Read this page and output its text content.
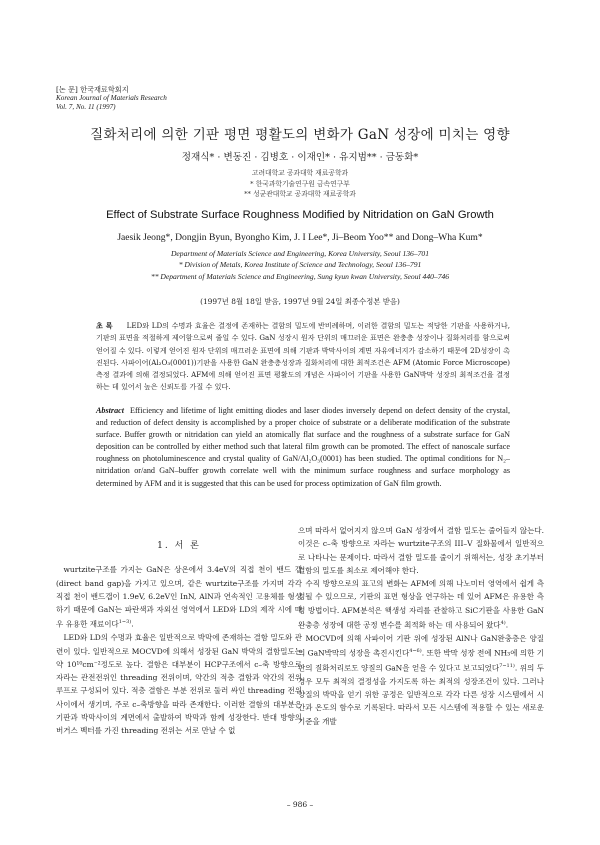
[논 문] 한국재료학회지
Korean Journal of Materials Research
Vol. 7, No. 11 (1997)
질화처리에 의한 기판 평면 평활도의 변화가 GaN 성장에 미치는 영향
정재식* · 변동진 · 김병호 · 이재인* · 유지범** · 금동화*
고려대학교 공과대학 재료공학과
* 한국과학기술연구원 금속연구부
** 성균관대학교 공과대학 재료공학과
Effect of Substrate Surface Roughness Modified by Nitridation on GaN Growth
Jaesik Jeong*, Dongjin Byun, Byongho Kim, J. I Lee*, Ji–Beom Yoo** and Dong–Wha Kum*
Department of Materials Science and Engineering, Korea University, Seoul 136–701
* Division of Metals, Korea Institute of Science and Technology, Seoul 136–791
** Department of Materials Science and Engineering, Sung kyun kwan University, Seoul 440–746
(1997년 8월 18일 받음, 1997년 9월 24일 최종수정본 받음)
초 록 LED와 LD의 수명과 효율은 결정에 존재하는 결함의 밀도에 반비례하며, 이러한 결함의 밀도는 적당한 기판을 사용하거나, 기판의 표면을 적절하게 제어함으로써 줄일 수 있다. GaN 성장시 원자 단위의 매끄러운 표면은 완충층 성장이나 질화처리를 함으로써 얻어질 수 있다. 이렇게 얻어진 원자 단위의 매끄러운 표면에 의해 기판과 박막사이의 계면 자유에너지가 감소하기 때문에 2D성장이 촉진된다. 사파이어(Al₂O₃(0001))기판을 사용한 GaN 완충층성장과 질화처리에 대한 최적조건은 AFM (Atomic Force Microscope) 측정 결과에 의해 결정되었다. AFM에 의해 얻어진 표면 평활도의 개념은 사파이어 기판을 사용한 GaN박막 성장의 최적조건을 결정하는 데 있어서 높은 신뢰도를 가질 수 있다.
Abstract Efficiency and lifetime of light emitting diodes and laser diodes inversely depend on defect density of the crystal, and reduction of defect density is accomplished by a proper choice of substrate or a deliberate modification of the substrate surface. Buffer growth or nitridation can yield an atomically flat surface and the roughness of a substrate surface for GaN deposition can be controlled by either method such that lateral film growth can be promoted. The effect of nanoscale surface roughness on photoluminescence and crystal quality of GaN/Al₂O₃(0001) has been studied. The optimal conditions for N₂–nitridation or/and GaN–buffer growth correlate well with the minimum surface roughness and surface morphology as determined by AFM and it is suggested that this can be used for process optimization of GaN film growth.
1. 서 론

wurtzite구조를 가지는 GaN은 상온에서 3.4eV의 직접 천이 밴드 갭(direct band gap)을 가지고 있으며, 같은 wurtzite구조를 가지며 각각 직접 천이 밴드갭이 1.9eV, 6.2eV인 InN, AlN과 연속적인 고용체를 형성하기 때문에 GaN는 파란색과 자외선 영역에서 LED와 LD의 제작 시에 매우 유용한 재료이다$^{1\sim 3)}$.

LED와 LD의 수명과 효율은 일반적으로 박막에 존재하는 결함 밀도와 관련이 있다. 일반적으로 MOCVD에 의해서 성장된 GaN 박막의 결함밀도는 약 10¹⁰cm⁻²정도로 높다. 결함은 대부분이 HCP구조에서 c–축 방향으로 자라는 관전전위인 threading 전위이며, 약간의 적층 결함과 약간의 전위 루프로 구성되어 있다. 적층 결함은 부분 전위로 둘러 싸인 threading 전위사이에서 생기며, 주로 c–축방향을 따라 존재한다. 이러한 결함의 대부분은 기판과 박막사이의 계면에서 출발하여 박막과 함께 성장한다. 반대 방향의 버거스 벡터를 가진 threading 전위는 서로 만날 수 없

으며 따라서 없어지지 않으며 GaN 성장에서 결함 밀도는 줄어들지 않는다. 이것은 c–축 방향으로 자라는 wurtzite구조의 III–V 질화물에서 일반적으로 나타나는 문제이다. 따라서 결함 밀도를 줄이기 위해서는, 성장 초기부터 결함의 밀도를 최소로 제어해야 한다.

수직 방향으로의 표고의 변화는 AFM에 의해 나노미터 영역에서 쉽게 측정될 수 있으므로, 기판의 표면 형상을 연구하는 데 있어 AFM은 유용한 측정 방법이다. AFM분석은 핵생성 자리를 관찰하고 SiC기판을 사용한 GaN 완충층 성장에 대한 공정 변수를 최적화 하는 데 사용되어 왔다$^{4)}$.

MOCVD에 의해 사파이어 기판 위에 성장된 AlN나 GaN완충층은 양질의 GaN박막의 성장을 촉진시킨다$^{4\sim 6)}$. 또한 박막 성장 전에 NH₃에 의한 기판의 질화처리로도 양질의 GaN을 얻을 수 있다고 보고되었다$^{7\sim 11)}$. 위의 두 경우 모두 최적의 결정성을 가지도록 하는 최적의 성장조건이 있다. 그러나 양질의 박막을 얻기 위한 공정은 일반적으로 각각 다른 성장 시스템에서 시간과 온도의 함수로 기록된다. 따라서 모든 시스템에 적용할 수 있는 새로운 기준을 개발

– 986 –
